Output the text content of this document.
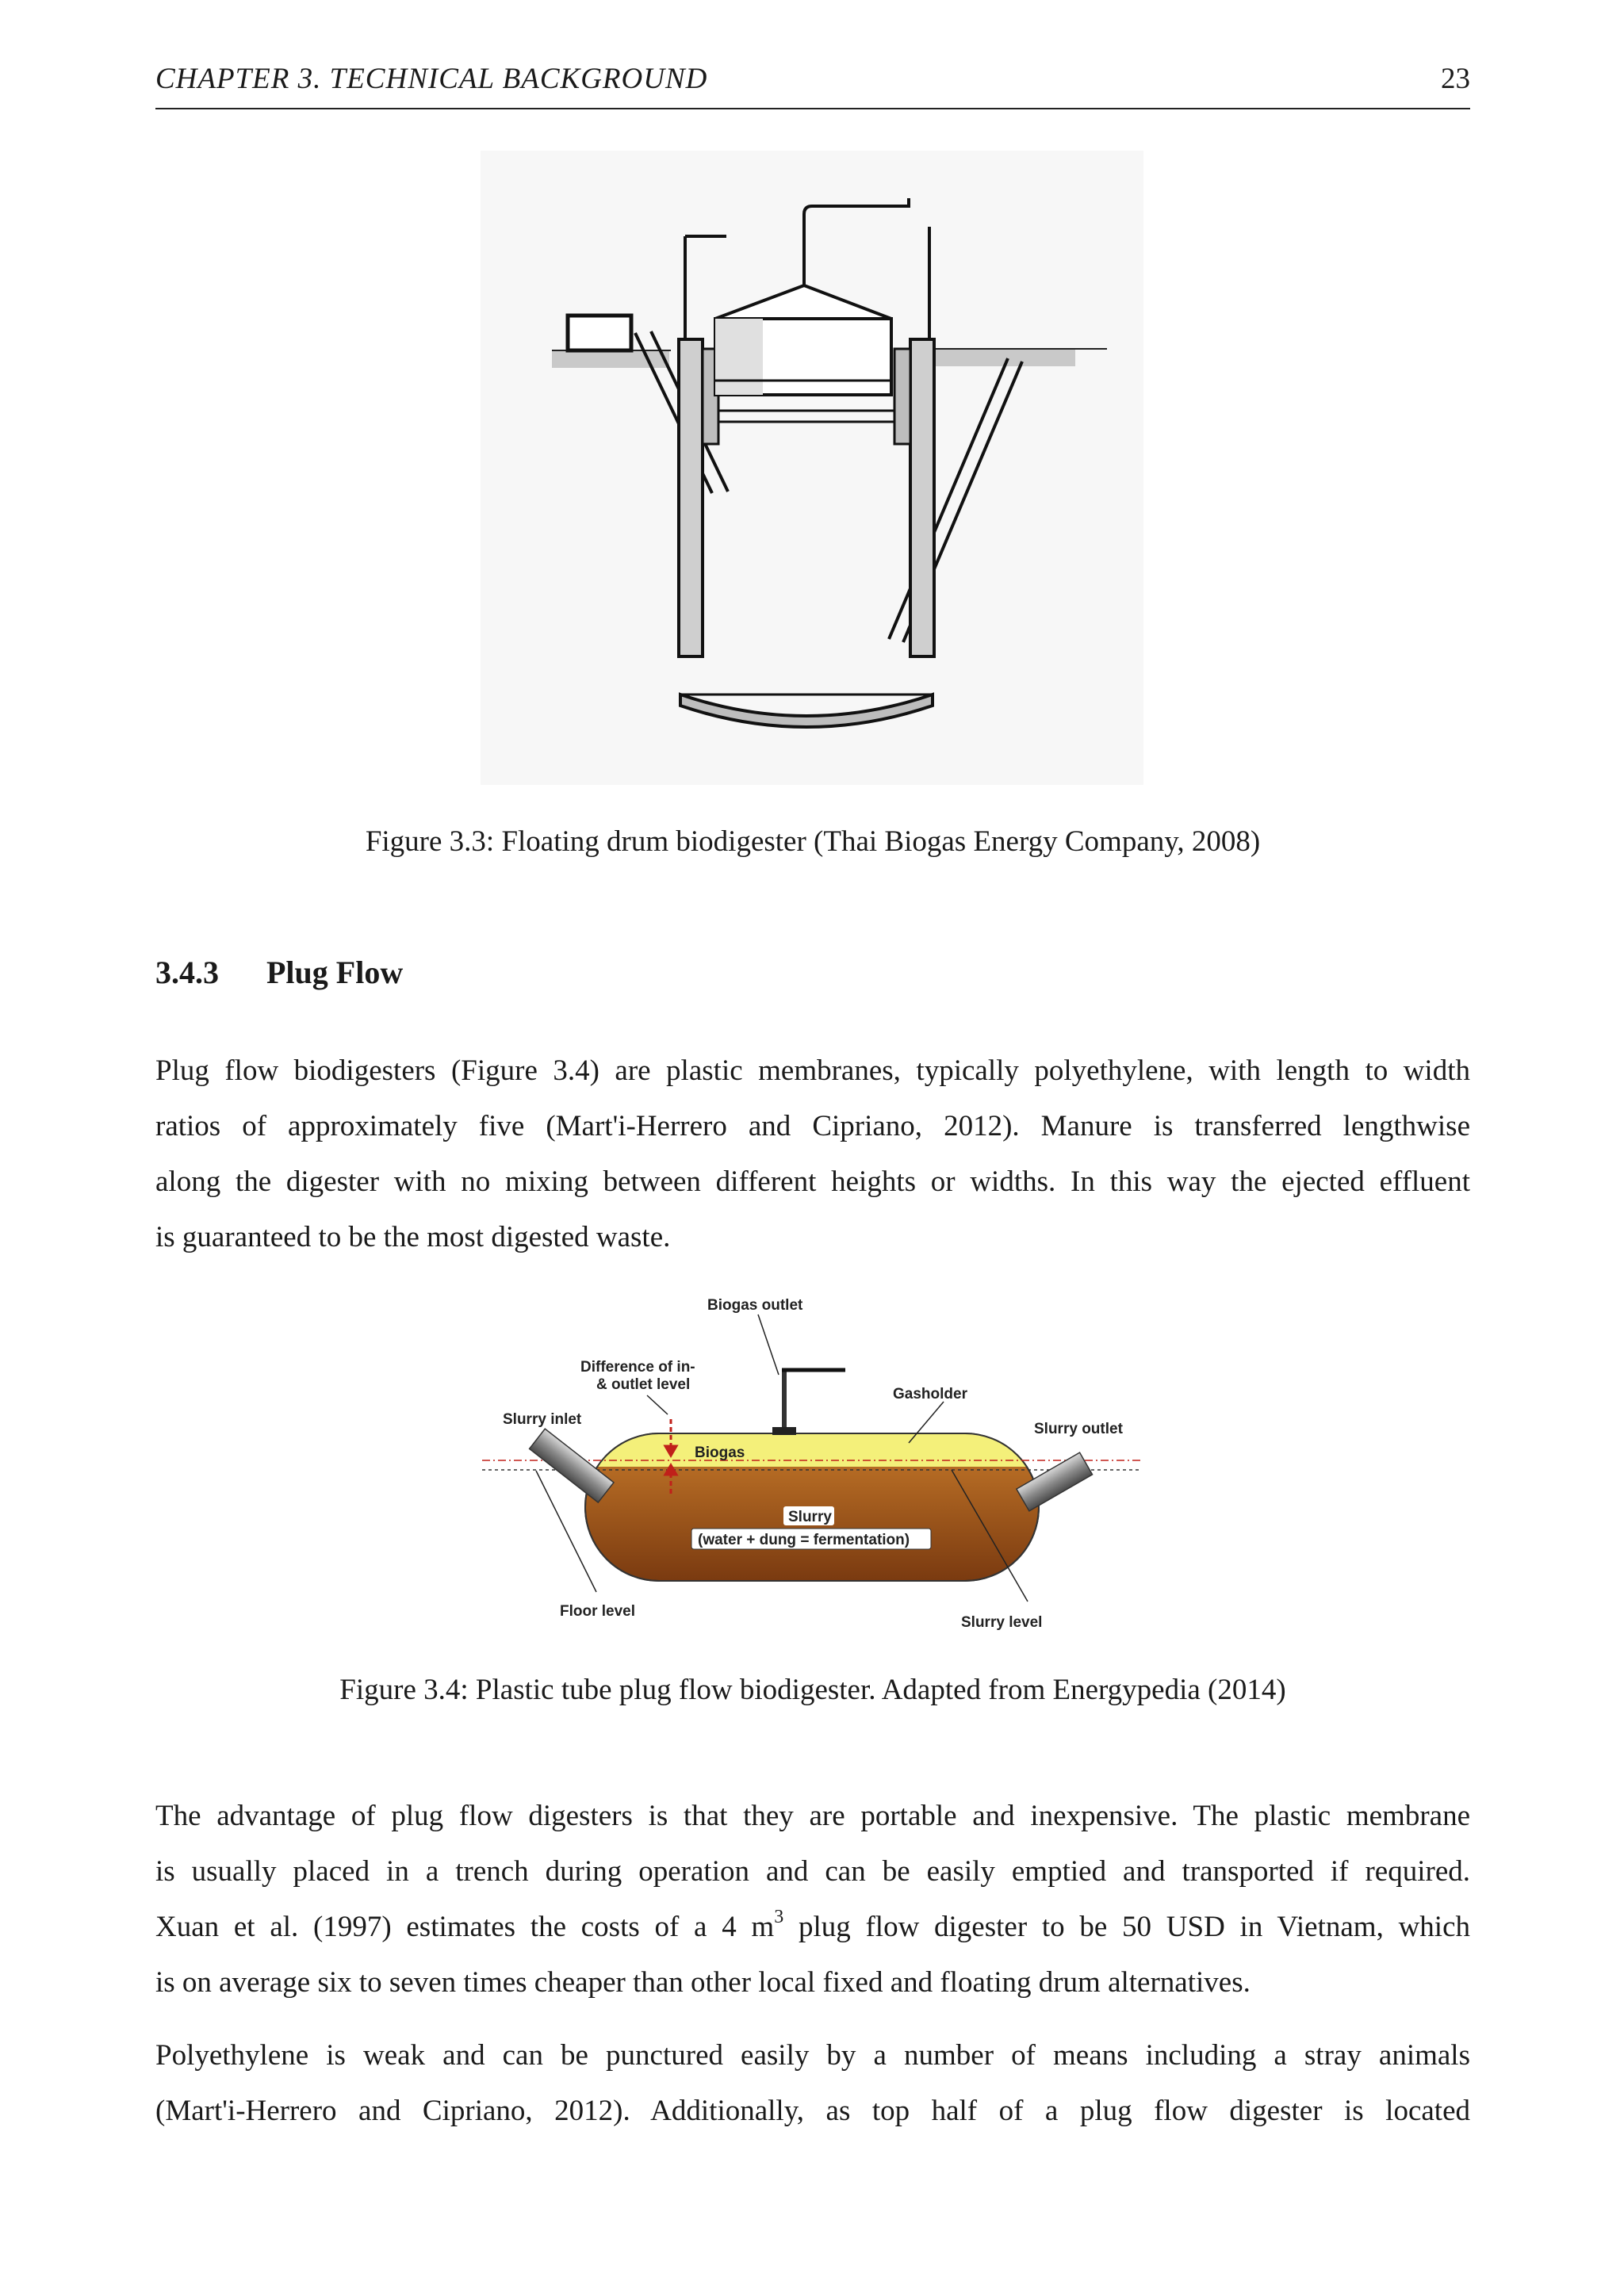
CHAPTER 3. TECHNICAL BACKGROUND	23
Figure 3.3: Floating drum biodigester (Thai Biogas Energy Company, 2008)
3.4.3 Plug Flow
Plug flow biodigesters (Figure 3.4) are plastic membranes, typically polyethylene, with length to width
ratios of approximately five (Mart'i-Herrero and Cipriano, 2012). Manure is transferred lengthwise
along the digester with no mixing between different heights or widths. In this way the ejected effluent
is guaranteed to be the most digested waste.
Biogas outlet
Difference of in-
& outlet level
Gasholder
Slurry inlet
Slurry outlet
Biogas
Slurry
(water + dung = fermentation)
Floor level
Slurry level
Figure 3.4: Plastic tube plug flow biodigester. Adapted from Energypedia (2014)
The advantage of plug flow digesters is that they are portable and inexpensive. The plastic membrane
is usually placed in a trench during operation and can be easily emptied and transported if required.
Xuan et al. (1997) estimates the costs of a 4 $m^3$ plug flow digester to be 50 USD in Vietnam, which
is on average six to seven times cheaper than other local fixed and floating drum alternatives.
Polyethylene is weak and can be punctured easily by a number of means including a stray animals
(Mart'i-Herrero and Cipriano, 2012). Additionally, as top half of a plug flow digester is located
